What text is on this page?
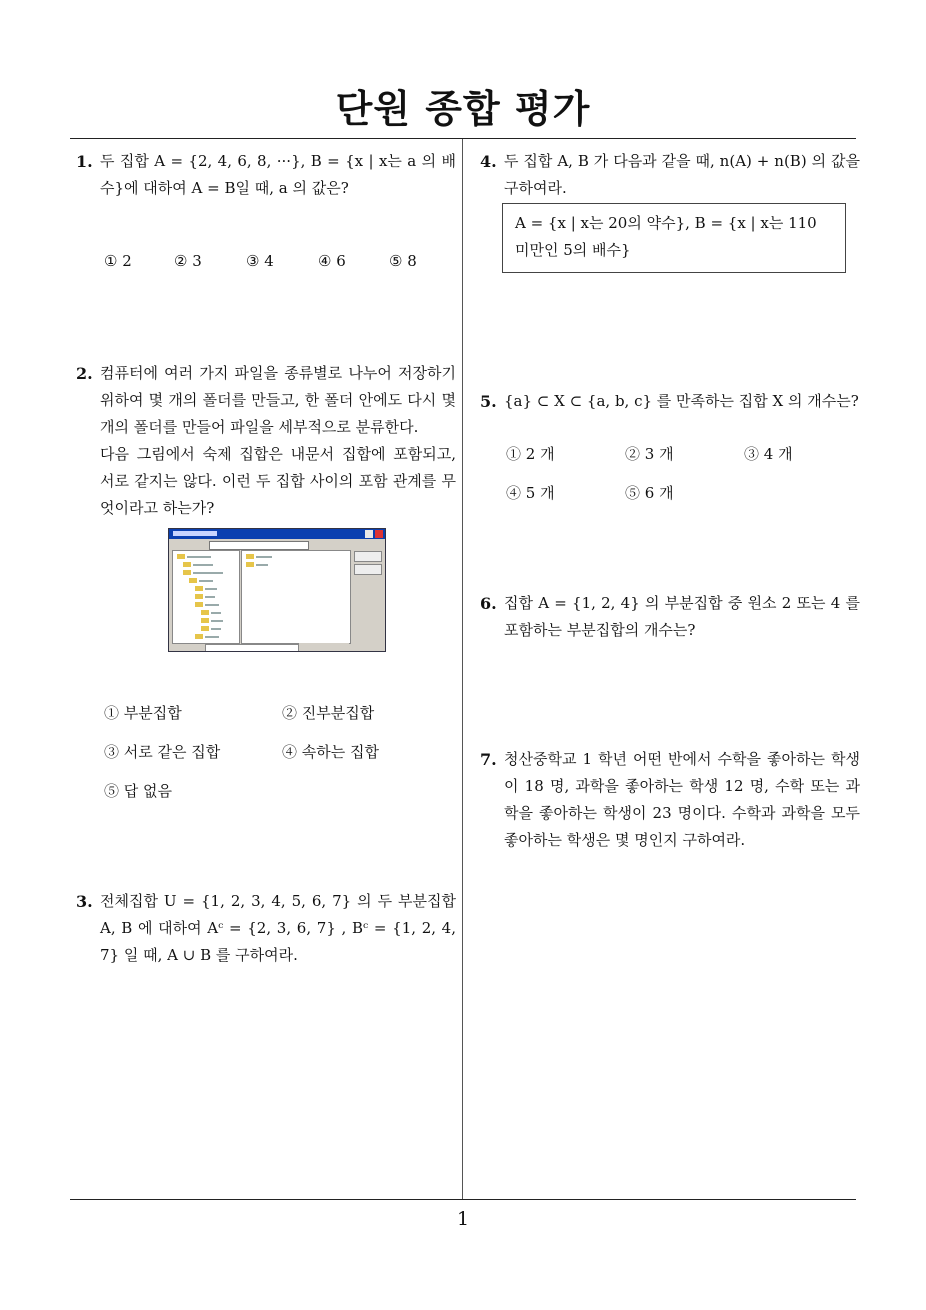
단원 종합 평가
1. 두 집합 A = {2, 4, 6, 8, ···}, B = {x | x는 a 의 배수}에 대하여 A = B일 때, a 의 값은?

① 2	② 3	③ 4	④ 6	⑤ 8
2. 컴퓨터에 여러 가지 파일을 종류별로 나누어 저장하기 위하여 몇 개의 폴더를 만들고, 한 폴더 안에도 다시 몇 개의 폴더를 만들어 파일을 세부적으로 분류한다.

다음 그림에서 숙제 집합은 내문서 집합에 포함되고, 서로 같지는 않다. 이런 두 집합 사이의 포함 관계를 무엇이라고 하는가?

① 부분집합	② 진부분집합
③ 서로 같은 집합	④ 속하는 집합
⑤ 답 없음
3. 전체집합 U = {1, 2, 3, 4, 5, 6, 7} 의 두 부분집합 A, B 에 대하여 Aᶜ = {2, 3, 6, 7} , Bᶜ = {1, 2, 4, 7} 일 때, A ∪ B 를 구하여라.

4. 두 집합 A, B 가 다음과 같을 때, n(A) + n(B) 의 값을 구하여라.

A = {x | x는 20의 약수}, B = {x | x는 110 미만인 5의 배수}
5. {a} ⊂ X ⊂ {a, b, c} 를 만족하는 집합 X 의 개수는?

① 2 개	② 3 개	③ 4 개
④ 5 개	⑤ 6 개
6. 집합 A = {1, 2, 4} 의 부분집합 중 원소 2 또는 4 를 포함하는 부분집합의 개수는?

7. 청산중학교 1 학년 어떤 반에서 수학을 좋아하는 학생이 18 명, 과학을 좋아하는 학생 12 명, 수학 또는 과학을 좋아하는 학생이 23 명이다. 수학과 과학을 모두 좋아하는 학생은 몇 명인지 구하여라.

1
